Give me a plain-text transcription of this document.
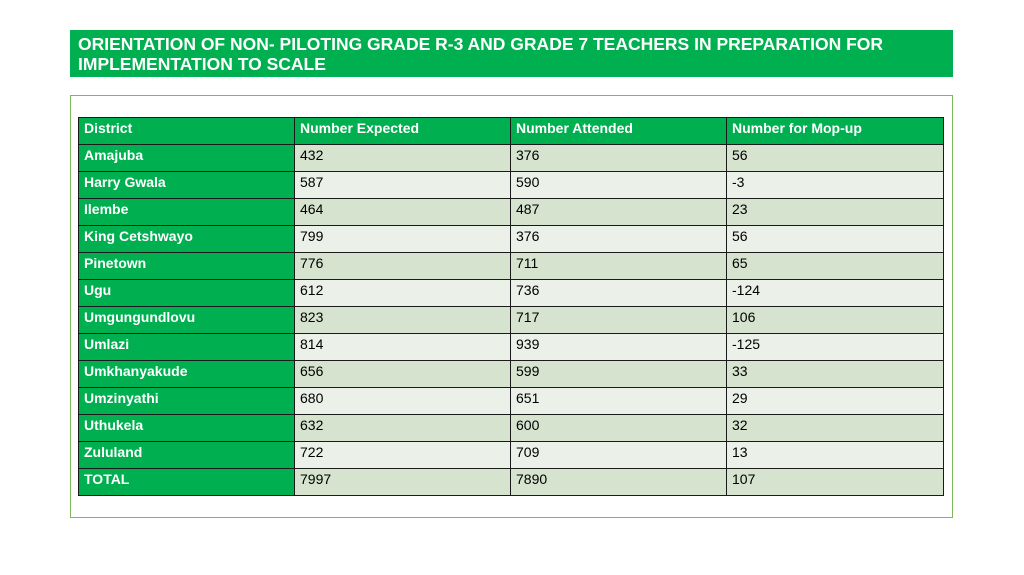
ORIENTATION OF NON- PILOTING GRADE R-3 AND GRADE 7 TEACHERS IN PREPARATION FOR IMPLEMENTATION TO SCALE

District	Number Expected	Number Attended	Number for Mop-up
Amajuba	432	376	56
Harry Gwala	587	590	-3
Ilembe	464	487	23
King Cetshwayo	799	376	56
Pinetown	776	711	65
Ugu	612	736	-124
Umgungundlovu	823	717	106
Umlazi	814	939	-125
Umkhanyakude	656	599	33
Umzinyathi	680	651	29
Uthukela	632	600	32
Zululand	722	709	13
TOTAL	7997	7890	107
